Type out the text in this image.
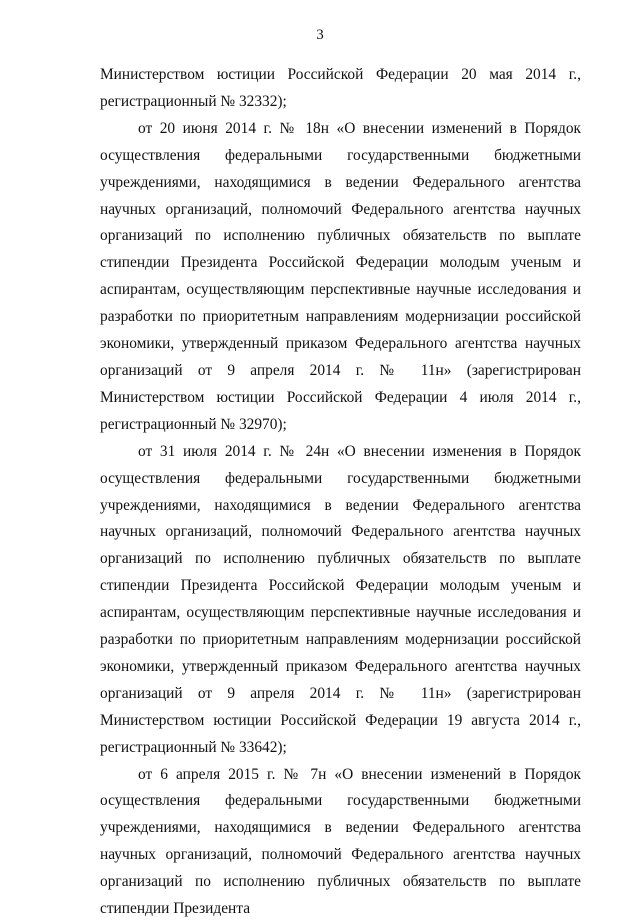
3

Министерством юстиции Российской Федерации 20 мая 2014 г., регистрационный № 32332);

от 20 июня 2014 г. № 18н «О внесении изменений в Порядок осуществления федеральными государственными бюджетными учреждениями, находящимися в ведении Федерального агентства научных организаций, полномочий Федерального агентства научных организаций по исполнению публичных обязательств по выплате стипендии Президента Российской Федерации молодым ученым и аспирантам, осуществляющим перспективные научные исследования и разработки по приоритетным направлениям модернизации российской экономики, утвержденный приказом Федерального агентства научных организаций от 9 апреля 2014 г. № 11н» (зарегистрирован Министерством юстиции Российской Федерации 4 июля 2014 г., регистрационный № 32970);

от 31 июля 2014 г. № 24н «О внесении изменения в Порядок осуществления федеральными государственными бюджетными учреждениями, находящимися в ведении Федерального агентства научных организаций, полномочий Федерального агентства научных организаций по исполнению публичных обязательств по выплате стипендии Президента Российской Федерации молодым ученым и аспирантам, осуществляющим перспективные научные исследования и разработки по приоритетным направлениям модернизации российской экономики, утвержденный приказом Федерального агентства научных организаций от 9 апреля 2014 г. № 11н» (зарегистрирован Министерством юстиции Российской Федерации 19 августа 2014 г., регистрационный № 33642);

от 6 апреля 2015 г. № 7н «О внесении изменений в Порядок осуществления федеральными государственными бюджетными учреждениями, находящимися в ведении Федерального агентства научных организаций, полномочий Федерального агентства научных организаций по исполнению публичных обязательств по выплате стипендии Президента
